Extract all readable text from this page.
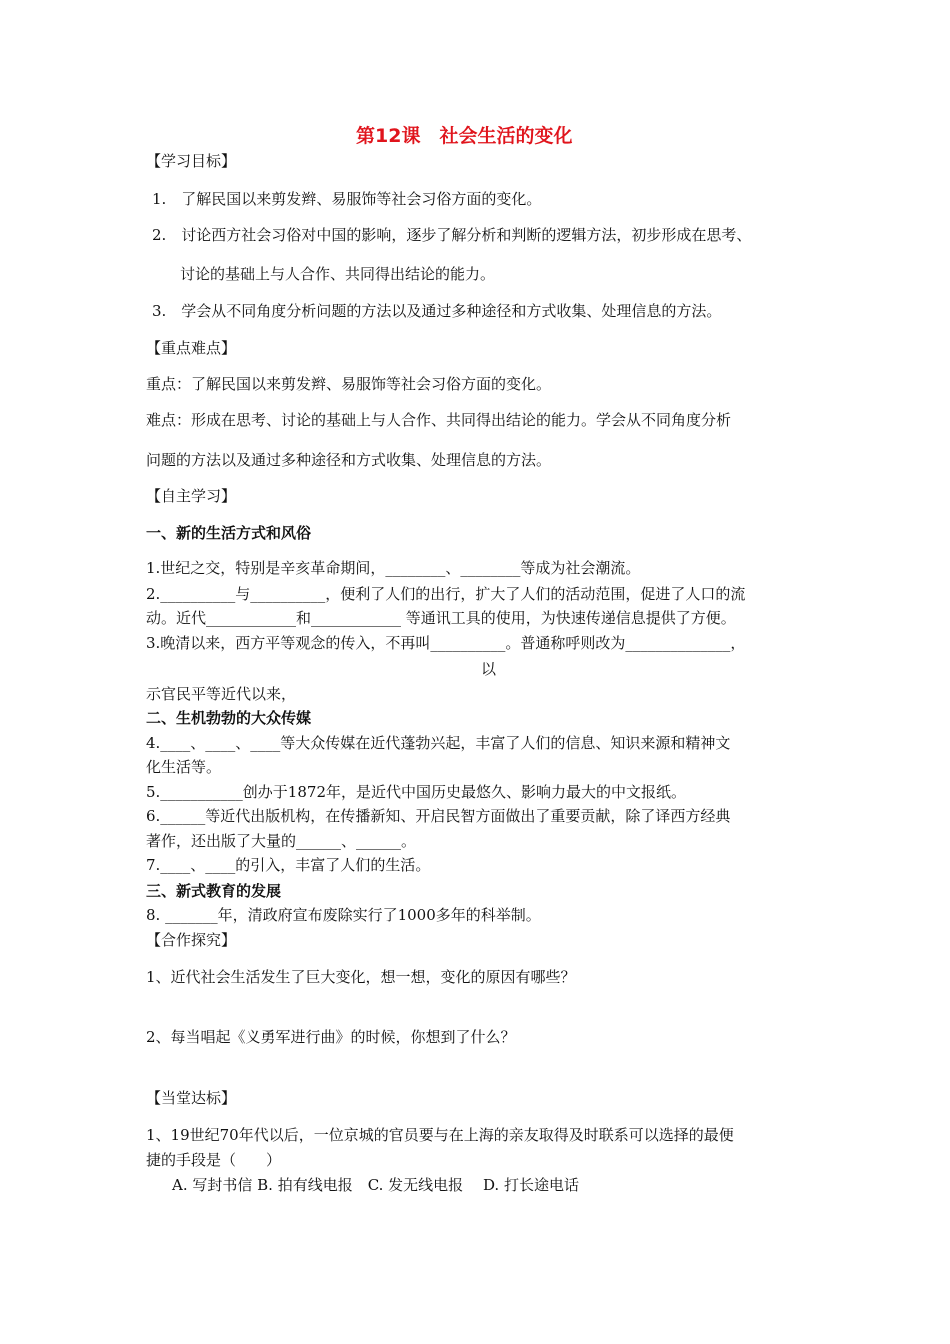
第12课　社会生活的变化
【学习目标】
1.　了解民国以来剪发辫、易服饰等社会习俗方面的变化。
2.　讨论西方社会习俗对中国的影响，逐步了解分析和判断的逻辑方法，初步形成在思考、
讨论的基础上与人合作、共同得出结论的能力。
3.　学会从不同角度分析问题的方法以及通过多种途径和方式收集、处理信息的方法。
【重点难点】
重点：了解民国以来剪发辫、易服饰等社会习俗方面的变化。
难点：形成在思考、讨论的基础上与人合作、共同得出结论的能力。学会从不同角度分析
问题的方法以及通过多种途径和方式收集、处理信息的方法。
【自主学习】
一、新的生活方式和风俗
1.世纪之交，特别是辛亥革命期间，________、________等成为社会潮流。
2.__________与__________，便利了人们的出行，扩大了人们的活动范围，促进了人口的流
动。近代____________和____________ 等通讯工具的使用，为快速传递信息提供了方便。
3.晚清以来，西方平等观念的传入，不再叫__________。普通称呼则改为______________，
以
示官民平等近代以来，
二、生机勃勃的大众传媒
4.____、____、____等大众传媒在近代蓬勃兴起，丰富了人们的信息、知识来源和精神文
化生活等。
5.___________创办于1872年，是近代中国历史最悠久、影响力最大的中文报纸。
6.______等近代出版机构，在传播新知、开启民智方面做出了重要贡献，除了译西方经典
著作，还出版了大量的______、______。
7.____、____的引入，丰富了人们的生活。
三、新式教育的发展
8. _______年，清政府宣布废除实行了1000多年的科举制。
【合作探究】
1、近代社会生活发生了巨大变化，想一想，变化的原因有哪些？
2、每当唱起《义勇军进行曲》的时候，你想到了什么？
【当堂达标】
1、19世纪70年代以后，一位京城的官员要与在上海的亲友取得及时联系可以选择的最便
捷的手段是（　　）
A. 写封书信 B. 拍有线电报　C. 发无线电报　 D. 打长途电话
